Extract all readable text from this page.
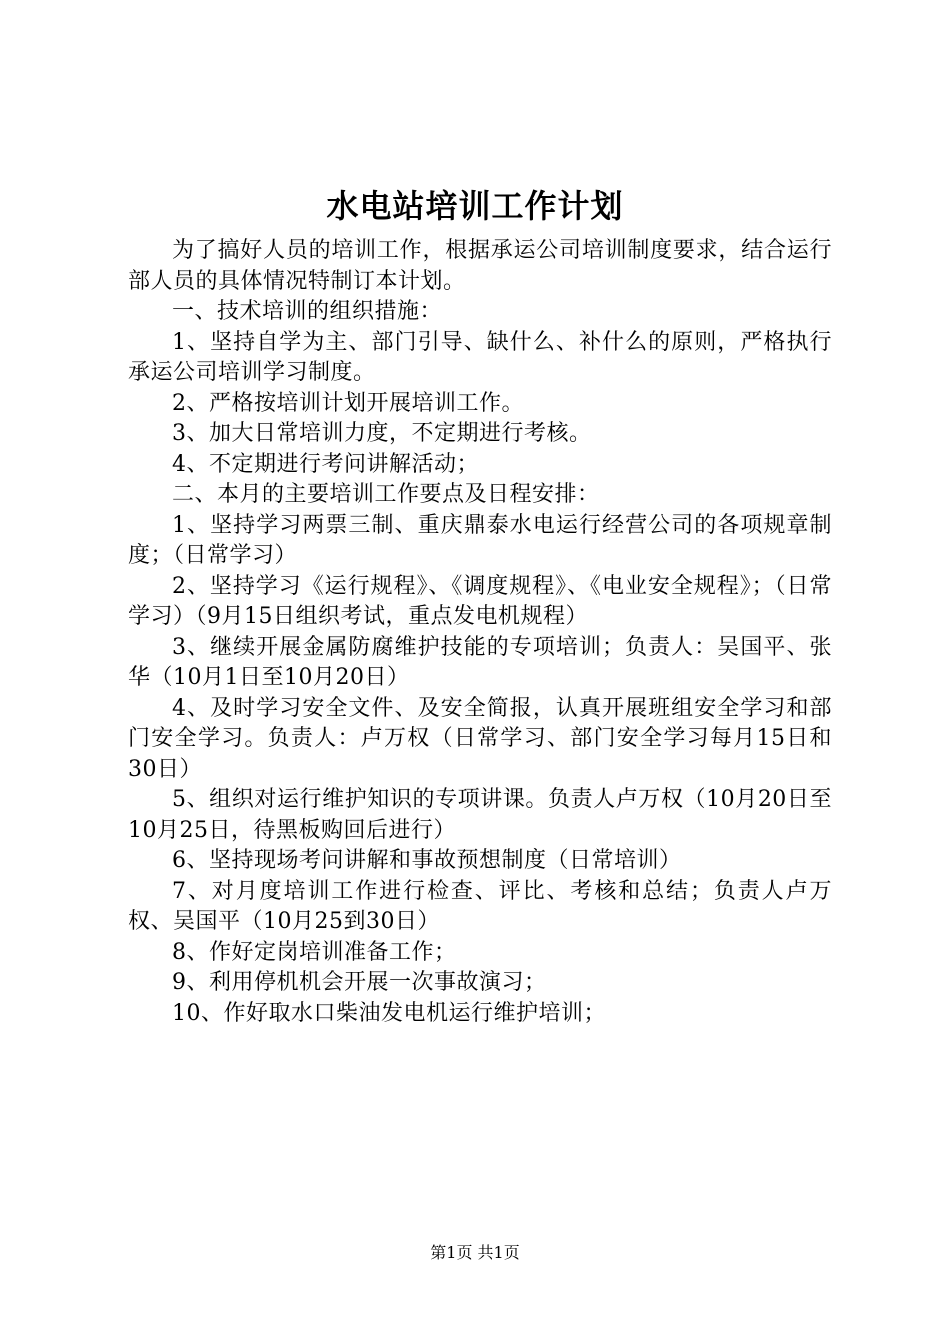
水电站培训工作计划

为了搞好人员的培训工作，根据承运公司培训制度要求，结合运行部人员的具体情况特制订本计划。

一、技术培训的组织措施：

1、坚持自学为主、部门引导、缺什么、补什么的原则，严格执行承运公司培训学习制度。

2、严格按培训计划开展培训工作。

3、加大日常培训力度，不定期进行考核。

4、不定期进行考问讲解活动；

二、本月的主要培训工作要点及日程安排：

1、坚持学习两票三制、重庆鼎泰水电运行经营公司的各项规章制度；（日常学习）

2、坚持学习《运行规程》、《调度规程》、《电业安全规程》；（日常学习）（9月15日组织考试，重点发电机规程）

3、继续开展金属防腐维护技能的专项培训；负责人：吴国平、张华（10月1日至10月20日）

4、及时学习安全文件、及安全简报，认真开展班组安全学习和部门安全学习。负责人：卢万权（日常学习、部门安全学习每月15日和30日）

5、组织对运行维护知识的专项讲课。负责人卢万权（10月20日至10月25日，待黑板购回后进行）

6、坚持现场考问讲解和事故预想制度（日常培训）

7、对月度培训工作进行检查、评比、考核和总结；负责人卢万权、吴国平（10月25到30日）

8、作好定岗培训准备工作；

9、利用停机机会开展一次事故演习；

10、作好取水口柴油发电机运行维护培训；

第1页 共1页
